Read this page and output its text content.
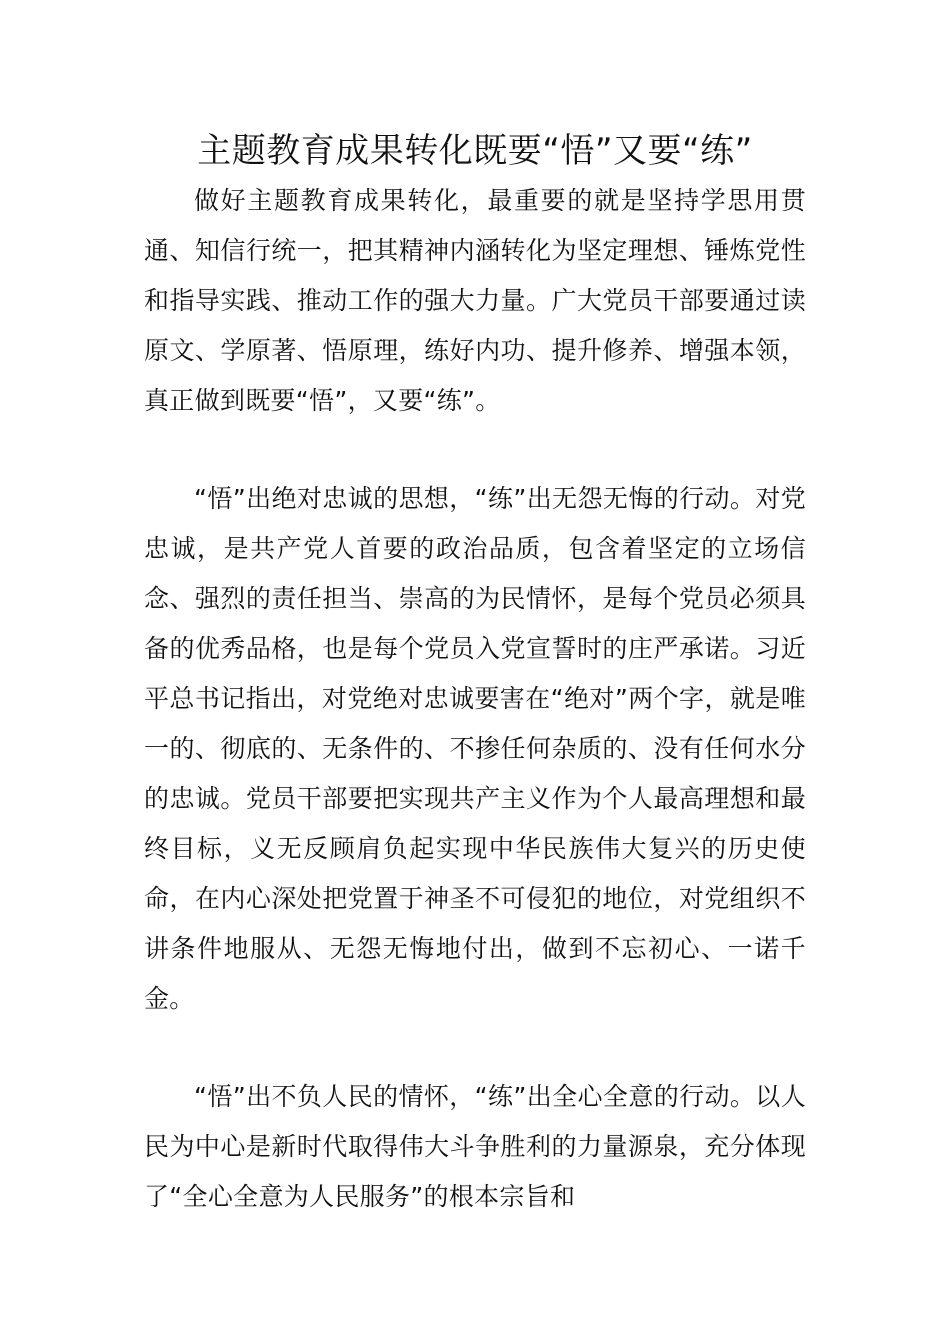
主题教育成果转化既要“悟”又要“练”

做好主题教育成果转化，最重要的就是坚持学思用贯通、知信行统一，把其精神内涵转化为坚定理想、锤炼党性和指导实践、推动工作的强大力量。广大党员干部要通过读原文、学原著、悟原理，练好内功、提升修养、增强本领，真正做到既要“悟”，又要“练”。

“悟”出绝对忠诚的思想，“练”出无怨无悔的行动。对党忠诚，是共产党人首要的政治品质，包含着坚定的立场信念、强烈的责任担当、崇高的为民情怀，是每个党员必须具备的优秀品格，也是每个党员入党宣誓时的庄严承诺。习近平总书记指出，对党绝对忠诚要害在“绝对”两个字，就是唯一的、彻底的、无条件的、不掺任何杂质的、没有任何水分的忠诚。党员干部要把实现共产主义作为个人最高理想和最终目标，义无反顾肩负起实现中华民族伟大复兴的历史使命，在内心深处把党置于神圣不可侵犯的地位，对党组织不讲条件地服从、无怨无悔地付出，做到不忘初心、一诺千金。

“悟”出不负人民的情怀，“练”出全心全意的行动。以人民为中心是新时代取得伟大斗争胜利的力量源泉，充分体现了“全心全意为人民服务”的根本宗旨和
